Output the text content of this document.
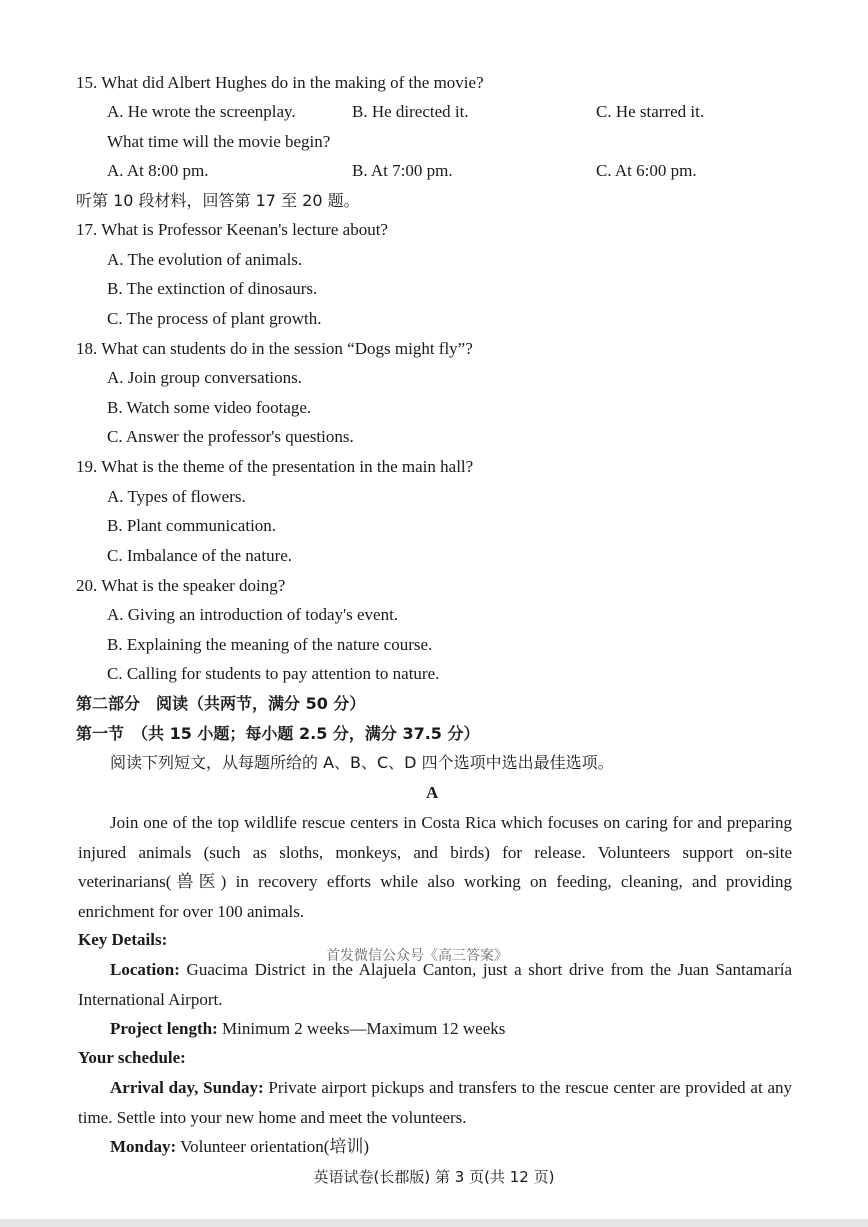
15. What did Albert Hughes do in the making of the movie?
A. He wrote the screenplay.	B. He directed it.	C. He starred it.
What time will the movie begin?
A. At 8:00 pm.	B. At 7:00 pm.	C. At 6:00 pm.
听第 10 段材料，回答第 17 至 20 题。
17. What is Professor Keenan's lecture about?
A. The evolution of animals.
B. The extinction of dinosaurs.
C. The process of plant growth.
18. What can students do in the session “Dogs might fly”?
A. Join group conversations.
B. Watch some video footage.
C. Answer the professor's questions.
19. What is the theme of the presentation in the main hall?
A. Types of flowers.
B. Plant communication.
C. Imbalance of the nature.
20. What is the speaker doing?
A. Giving an introduction of today's event.
B. Explaining the meaning of the nature course.
C. Calling for students to pay attention to nature.
第二部分　阅读（共两节，满分 50 分）
第一节　（共 15 小题；每小题 2.5 分，满分 37.5 分）
阅读下列短文，从每题所给的 A、B、C、D 四个选项中选出最佳选项。
A
Join one of the top wildlife rescue centers in Costa Rica which focuses on caring for and preparing injured animals (such as sloths, monkeys, and birds) for release. Volunteers support on-site veterinarians(兽医) in recovery efforts while also working on feeding, cleaning, and providing enrichment for over 100 animals.
Key Details:
Location: Guacima District in the Alajuela Canton, just a short drive from the Juan Santamaría International Airport.
Project length: Minimum 2 weeks—Maximum 12 weeks
Your schedule:
Arrival day, Sunday: Private airport pickups and transfers to the rescue center are provided at any time. Settle into your new home and meet the volunteers.
Monday: Volunteer orientation(培训)
首发微信公众号《高三答案》
英语试卷(长郡版) 第 3 页(共 12 页)
